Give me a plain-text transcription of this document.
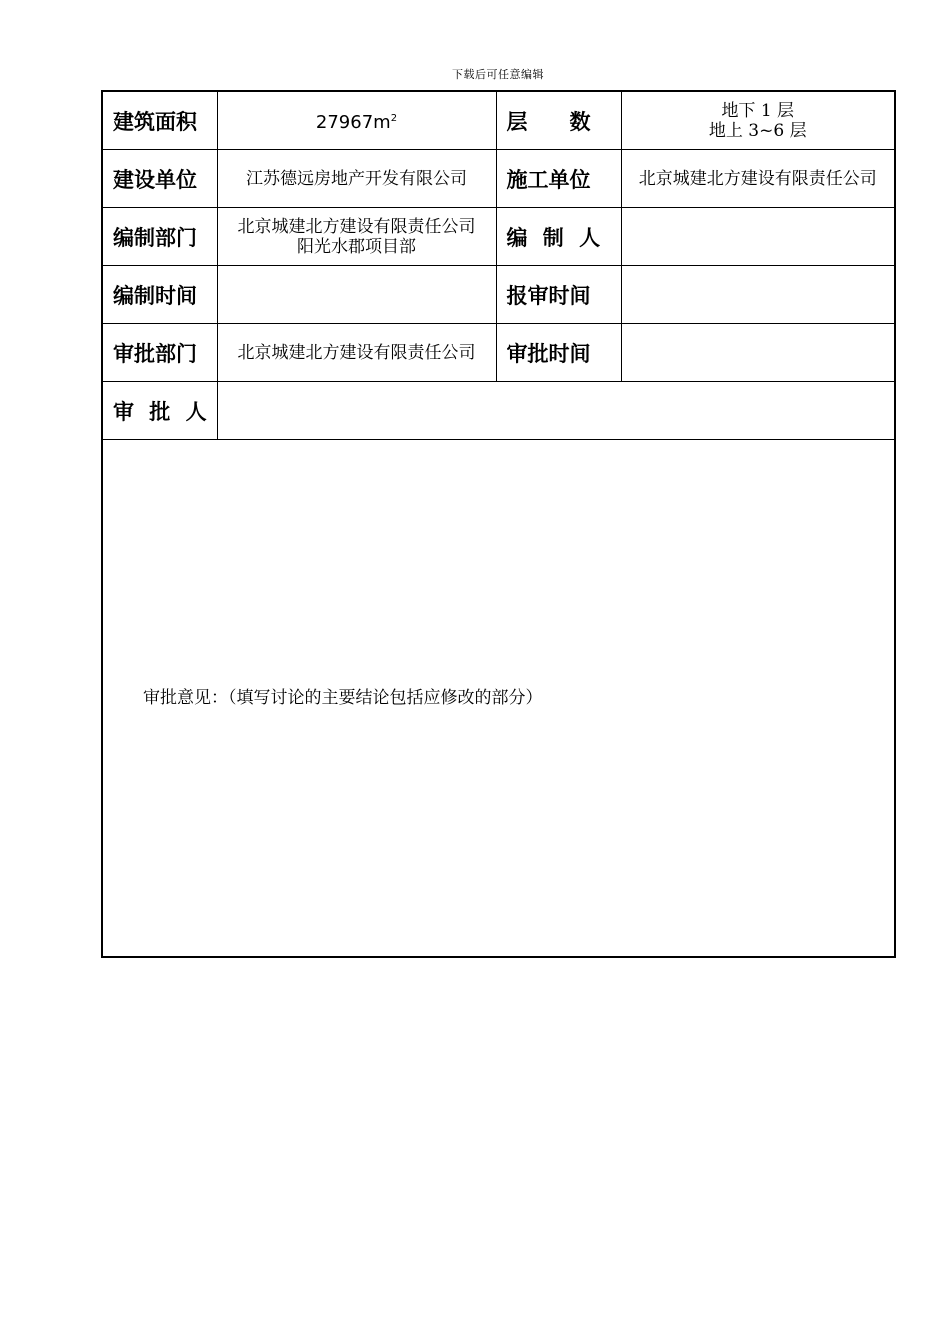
下载后可任意编辑
建筑面积	$27967m^2$	层　　数	地下 1 层
地上 3~6 层

建设单位	江苏德远房地产开发有限公司	施工单位	北京城建北方建设有限责任公司

编制部门	北京城建北方建设有限责任公司
阳光水郡项目部	编 制 人	

编制时间		报审时间	

审批部门	北京城建北方建设有限责任公司	审批时间	

审 批 人			

审批意见：（填写讨论的主要结论包括应修改的部分）			
